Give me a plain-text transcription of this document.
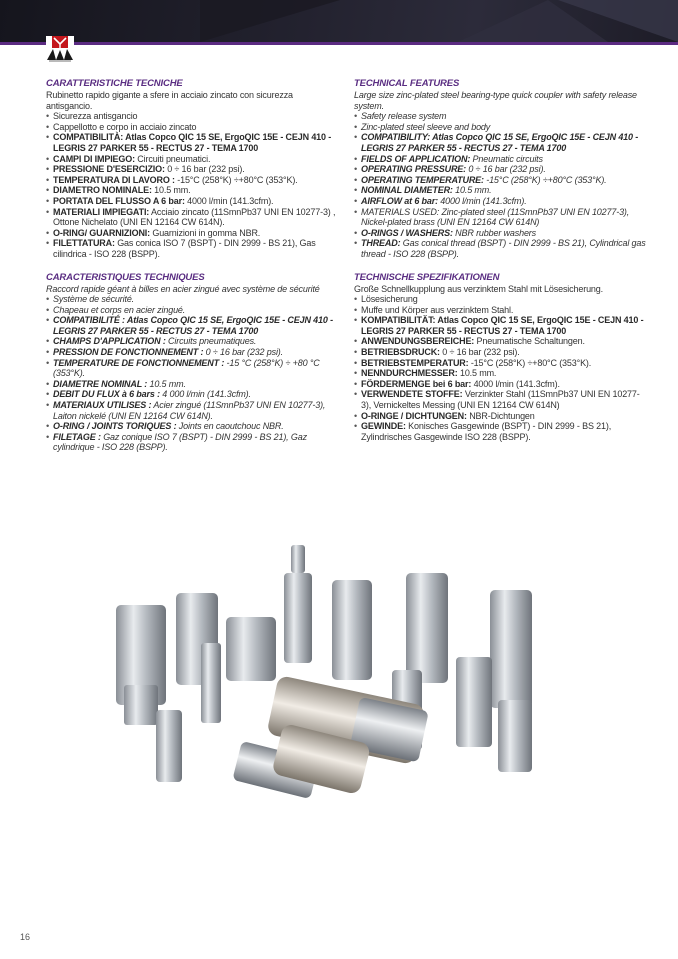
CARATTERISTICHE TECNICHE

Rubinetto rapido gigante a sfere in acciaio zincato con sicurezza antisgancio.

• Sicurezza antisgancio
• Cappellotto e corpo in acciaio zincato
• COMPATIBILITÀ: Atlas Copco QIC 15 SE, ErgoQIC 15E - CEJN 410 - LEGRIS 27 PARKER 55 - RECTUS 27 - TEMA 1700
• CAMPI DI IMPIEGO: Circuiti pneumatici.
• PRESSIONE D'ESERCIZIO: 0 ÷ 16 bar (232 psi).
• TEMPERATURA DI LAVORO : -15°C (258°K) ÷+80°C (353°K).
• DIAMETRO NOMINALE: 10.5 mm.
• PORTATA DEL FLUSSO A 6 bar: 4000 l/min (141.3cfm).
• MATERIALI IMPIEGATI: Acciaio zincato (11SmnPb37 UNI EN 10277-3) , Ottone Nichelato (UNI EN 12164 CW 614N).
• O-RING/ GUARNIZIONI: Guarnizioni in gomma NBR.
• FILETTATURA: Gas conica ISO 7 (BSPT) - DIN 2999 - BS 21), Gas cilindrica - ISO 228 (BSPP).
CARACTERISTIQUES TECHNIQUES

Raccord rapide géant à billes en acier zingué avec système de sécurité

• Système de sécurité.
• Chapeau et corps en acier zingué.
• COMPATIBILITÉ : Atlas Copco QIC 15 SE, ErgoQIC 15E - CEJN 410 - LEGRIS 27 PARKER 55 - RECTUS 27 - TEMA 1700
• CHAMPS D'APPLICATION : Circuits pneumatiques.
• PRESSION DE FONCTIONNEMENT : 0 ÷ 16 bar (232 psi).
• TEMPERATURE DE FONCTIONNEMENT : -15 °C (258°K) ÷ +80 °C (353°K).
• DIAMETRE NOMINAL : 10.5 mm.
• DEBIT DU FLUX à 6 bars : 4 000 l/min (141.3cfm).
• MATERIAUX UTILISES : Acier zingué (11SmnPb37 UNI EN 10277-3), Laiton nickelé (UNI EN 12164 CW 614N).
• O-RING / JOINTS TORIQUES : Joints en caoutchouc NBR.
• FILETAGE : Gaz conique ISO 7 (BSPT) - DIN 2999 - BS 21), Gaz cylindrique - ISO 228 (BSPP).
TECHNICAL FEATURES

Large size zinc-plated steel bearing-type quick coupler with safety release system.

• Safety release system
• Zinc-plated steel sleeve and body
• COMPATIBILITY: Atlas Copco QIC 15 SE, ErgoQIC 15E - CEJN 410 - LEGRIS 27 PARKER 55 - RECTUS 27 - TEMA 1700
• FIELDS OF APPLICATION: Pneumatic circuits
• OPERATING PRESSURE: 0 ÷ 16 bar (232 psi).
• OPERATING TEMPERATURE: -15°C (258°K) ÷+80°C (353°K).
• NOMINAL DIAMETER: 10.5 mm.
• AIRFLOW at 6 bar: 4000 l/min (141.3cfm).
• MATERIALS USED: Zinc-plated steel (11SmnPb37 UNI EN 10277-3), Nickel-plated brass (UNI EN 12164 CW 614N)
• O-RINGS / WASHERS: NBR rubber washers
• THREAD: Gas conical thread (BSPT) - DIN 2999 - BS 21), Cylindrical gas thread - ISO 228 (BSPP).
TECHNISCHE SPEZIFIKATIONEN

Große Schnellkupplung aus verzinktem Stahl mit Lösesicherung.

• Lösesicherung
• Muffe und Körper aus verzinktem Stahl.
• KOMPATIBILITÄT: Atlas Copco QIC 15 SE, ErgoQIC 15E - CEJN 410 - LEGRIS 27 PARKER 55 - RECTUS 27 - TEMA 1700
• ANWENDUNGSBEREICHE: Pneumatische Schaltungen.
• BETRIEBSDRUCK: 0 ÷ 16 bar (232 psi).
• BETRIEBSTEMPERATUR: -15°C (258°K) ÷+80°C (353°K).
• NENNDURCHMESSER: 10.5 mm.
• FÖRDERMENGE bei 6 bar: 4000 l/min (141.3cfm).
• VERWENDETE STOFFE: Verzinkter Stahl (11SmnPb37 UNI EN 10277-3), Vernickeltes Messing (UNI EN 12164 CW 614N)
• O-RINGE / DICHTUNGEN: NBR-Dichtungen
• GEWINDE: Konisches Gasgewinde (BSPT) - DIN 2999 - BS 21), Zylindrisches Gasgewinde ISO 228 (BSPP).
16
